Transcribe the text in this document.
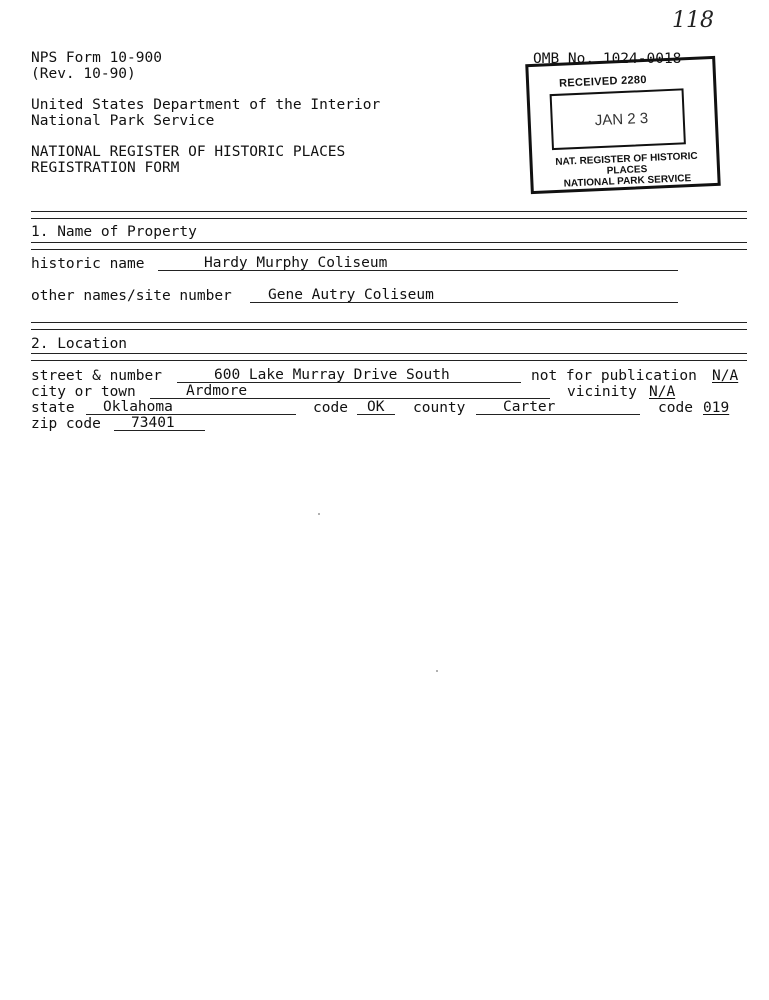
118
NPS Form 10-900
(Rev. 10-90)
United States Department of the Interior
National Park Service
NATIONAL REGISTER OF HISTORIC PLACES
REGISTRATION FORM
OMB No. 1024-0018
RECEIVED 2280
JAN 2 3
NAT. REGISTER OF HISTORIC PLACES
NATIONAL PARK SERVICE
1. Name of Property
historic name	Hardy Murphy Coliseum
other names/site number Gene Autry Coliseum
2. Location
street & number	600 Lake Murray Drive South	not for publication N/A
city or town	Ardmore	vicinity N/A
state Oklahoma	code OK county	Carter	code 019
zip code 73401
